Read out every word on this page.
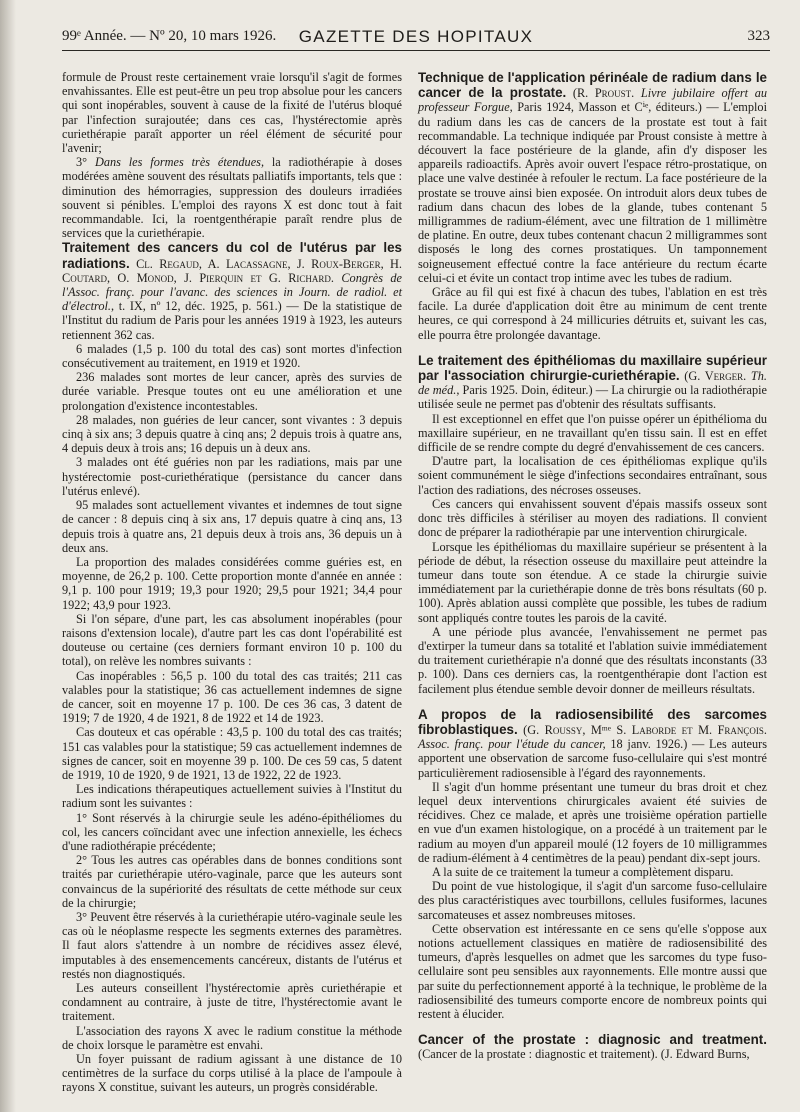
99ᵉ Année. — Nº 20, 10 mars 1926.	GAZETTE DES HOPITAUX	323

formule de Proust reste certainement vraie lorsqu'il s'agit de formes envahissantes. Elle est peut-être un peu trop absolue pour les cancers qui sont inopérables, souvent à cause de la fixité de l'utérus bloqué par l'infection surajoutée; dans ces cas, l'hystérectomie après curiethérapie paraît apporter un réel élément de sécurité pour l'avenir;

3° Dans les formes très étendues, la radiothérapie à doses modérées amène souvent des résultats palliatifs importants, tels que : diminution des hémorragies, suppression des douleurs irradiées souvent si pénibles. L'emploi des rayons X est donc tout à fait recommandable. Ici, la roentgenthérapie paraît rendre plus de services que la curiethérapie.

Traitement des cancers du col de l'utérus par les radiations. Cl. Regaud, A. Lacassagne, J. Roux-Berger, H. Coutard, O. Monod, J. Pierquin et G. Richard. Congrès de l'Assoc. franç. pour l'avanc. des sciences in Journ. de radiol. et d'électrol., t. IX, nº 12, déc. 1925, p. 561.) — De la statistique de l'Institut du radium de Paris pour les années 1919 à 1923, les auteurs retiennent 362 cas.

6 malades (1,5 p. 100 du total des cas) sont mortes d'infection consécutivement au traitement, en 1919 et 1920.

236 malades sont mortes de leur cancer, après des survies de durée variable. Presque toutes ont eu une amélioration et une prolongation d'existence incontestables.

28 malades, non guéries de leur cancer, sont vivantes : 3 depuis cinq à six ans; 3 depuis quatre à cinq ans; 2 depuis trois à quatre ans, 4 depuis deux à trois ans; 16 depuis un à deux ans.

3 malades ont été guéries non par les radiations, mais par une hystérectomie post-curiethératique (persistance du cancer dans l'utérus enlevé).

95 malades sont actuellement vivantes et indemnes de tout signe de cancer : 8 depuis cinq à six ans, 17 depuis quatre à cinq ans, 13 depuis trois à quatre ans, 21 depuis deux à trois ans, 36 depuis un à deux ans.

La proportion des malades considérées comme guéries est, en moyenne, de 26,2 p. 100. Cette proportion monte d'année en année : 9,1 p. 100 pour 1919; 19,3 pour 1920; 29,5 pour 1921; 34,4 pour 1922; 43,9 pour 1923.

Si l'on sépare, d'une part, les cas absolument inopérables (pour raisons d'extension locale), d'autre part les cas dont l'opérabilité est douteuse ou certaine (ces derniers formant environ 10 p. 100 du total), on relève les nombres suivants :

Cas inopérables : 56,5 p. 100 du total des cas traités; 211 cas valables pour la statistique; 36 cas actuellement indemnes de signe de cancer, soit en moyenne 17 p. 100. De ces 36 cas, 3 datent de 1919; 7 de 1920, 4 de 1921, 8 de 1922 et 14 de 1923.

Cas douteux et cas opérable : 43,5 p. 100 du total des cas traités; 151 cas valables pour la statistique; 59 cas actuellement indemnes de signes de cancer, soit en moyenne 39 p. 100. De ces 59 cas, 5 datent de 1919, 10 de 1920, 9 de 1921, 13 de 1922, 22 de 1923.

Les indications thérapeutiques actuellement suivies à l'Institut du radium sont les suivantes :

1° Sont réservés à la chirurgie seule les adéno-épithéliomes du col, les cancers coïncidant avec une infection annexielle, les échecs d'une radiothérapie précédente;

2° Tous les autres cas opérables dans de bonnes conditions sont traités par curiethérapie utéro-vaginale, parce que les auteurs sont convaincus de la supériorité des résultats de cette méthode sur ceux de la chirurgie;

3° Peuvent être réservés à la curiethérapie utéro-vaginale seule les cas où le néoplasme respecte les segments externes des paramètres. Il faut alors s'attendre à un nombre de récidives assez élevé, imputables à des ensemencements cancéreux, distants de l'utérus et restés non diagnostiqués.

Les auteurs conseillent l'hystérectomie après curiethérapie et condamnent au contraire, à juste de titre, l'hystérectomie avant le traitement.

L'association des rayons X avec le radium constitue la méthode de choix lorsque le paramètre est envahi.

Un foyer puissant de radium agissant à une distance de 10 centimètres de la surface du corps utilisé à la place de l'ampoule à rayons X constitue, suivant les auteurs, un progrès considérable.

Technique de l'application périnéale de radium dans le cancer de la prostate. (R. Proust. Livre jubilaire offert au professeur Forgue, Paris 1924, Masson et Cⁱᵉ, éditeurs.) — L'emploi du radium dans les cas de cancers de la prostate est tout à fait recommandable. La technique indiquée par Proust consiste à mettre à découvert la face postérieure de la glande, afin d'y disposer les appareils radioactifs. Après avoir ouvert l'espace rétro-prostatique, on place une valve destinée à refouler le rectum. La face postérieure de la prostate se trouve ainsi bien exposée. On introduit alors deux tubes de radium dans chacun des lobes de la glande, tubes contenant 5 milligrammes de radium-élément, avec une filtration de 1 millimètre de platine. En outre, deux tubes contenant chacun 2 milligrammes sont disposés le long des cornes prostatiques. Un tamponnement soigneusement effectué contre la face antérieure du rectum écarte celui-ci et évite un contact trop intime avec les tubes de radium.

Grâce au fil qui est fixé à chacun des tubes, l'ablation en est très facile. La durée d'application doit être au minimum de cent trente heures, ce qui correspond à 24 millicuries détruits et, suivant les cas, elle pourra être prolongée davantage.

Le traitement des épithéliomas du maxillaire supérieur par l'association chirurgie-curiethérapie. (G. Verger. Th. de méd., Paris 1925. Doin, éditeur.) — La chirurgie ou la radiothérapie utilisée seule ne permet pas d'obtenir des résultats suffisants.

Il est exceptionnel en effet que l'on puisse opérer un épithélioma du maxillaire supérieur, en ne travaillant qu'en tissu sain. Il est en effet difficile de se rendre compte du degré d'envahissement de ces cancers.

D'autre part, la localisation de ces épithéliomas explique qu'ils soient communément le siège d'infections secondaires entraînant, sous l'action des radiations, des nécroses osseuses.

Ces cancers qui envahissent souvent d'épais massifs osseux sont donc très difficiles à stériliser au moyen des radiations. Il convient donc de préparer la radiothérapie par une intervention chirurgicale.

Lorsque les épithéliomas du maxillaire supérieur se présentent à la période de début, la résection osseuse du maxillaire peut atteindre la tumeur dans toute son étendue. A ce stade la chirurgie suivie immédiatement par la curiethérapie donne de très bons résultats (60 p. 100). Après ablation aussi complète que possible, les tubes de radium sont appliqués contre toutes les parois de la cavité.

A une période plus avancée, l'envahissement ne permet pas d'extirper la tumeur dans sa totalité et l'ablation suivie immédiatement du traitement curiethérapie n'a donné que des résultats inconstants (33 p. 100). Dans ces derniers cas, la roentgenthérapie dont l'action est facilement plus étendue semble devoir donner de meilleurs résultats.

A propos de la radiosensibilité des sarcomes fibroblastiques. (G. Roussy, Mᵐᵉ S. Laborde et M. François. Assoc. franç. pour l'étude du cancer, 18 janv. 1926.) — Les auteurs apportent une observation de sarcome fuso-cellulaire qui s'est montré particulièrement radiosensible à l'égard des rayonnements.

Il s'agit d'un homme présentant une tumeur du bras droit et chez lequel deux interventions chirurgicales avaient été suivies de récidives. Chez ce malade, et après une troisième opération partielle en vue d'un examen histologique, on a procédé à un traitement par le radium au moyen d'un appareil moulé (12 foyers de 10 milligrammes de radium-élément à 4 centimètres de la peau) pendant dix-sept jours.

A la suite de ce traitement la tumeur a complètement disparu.

Du point de vue histologique, il s'agit d'un sarcome fuso-cellulaire des plus caractéristiques avec tourbillons, cellules fusiformes, lacunes sarcomateuses et assez nombreuses mitoses.

Cette observation est intéressante en ce sens qu'elle s'oppose aux notions actuellement classiques en matière de radiosensibilité des tumeurs, d'après lesquelles on admet que les sarcomes du type fuso-cellulaire sont peu sensibles aux rayonnements. Elle montre aussi que par suite du perfectionnement apporté à la technique, le problème de la radiosensibilité des tumeurs comporte encore de nombreux points qui restent à élucider.

Cancer of the prostate : diagnosic and treatment. (Cancer de la prostate : diagnostic et traitement). (J. Edward Burns,
